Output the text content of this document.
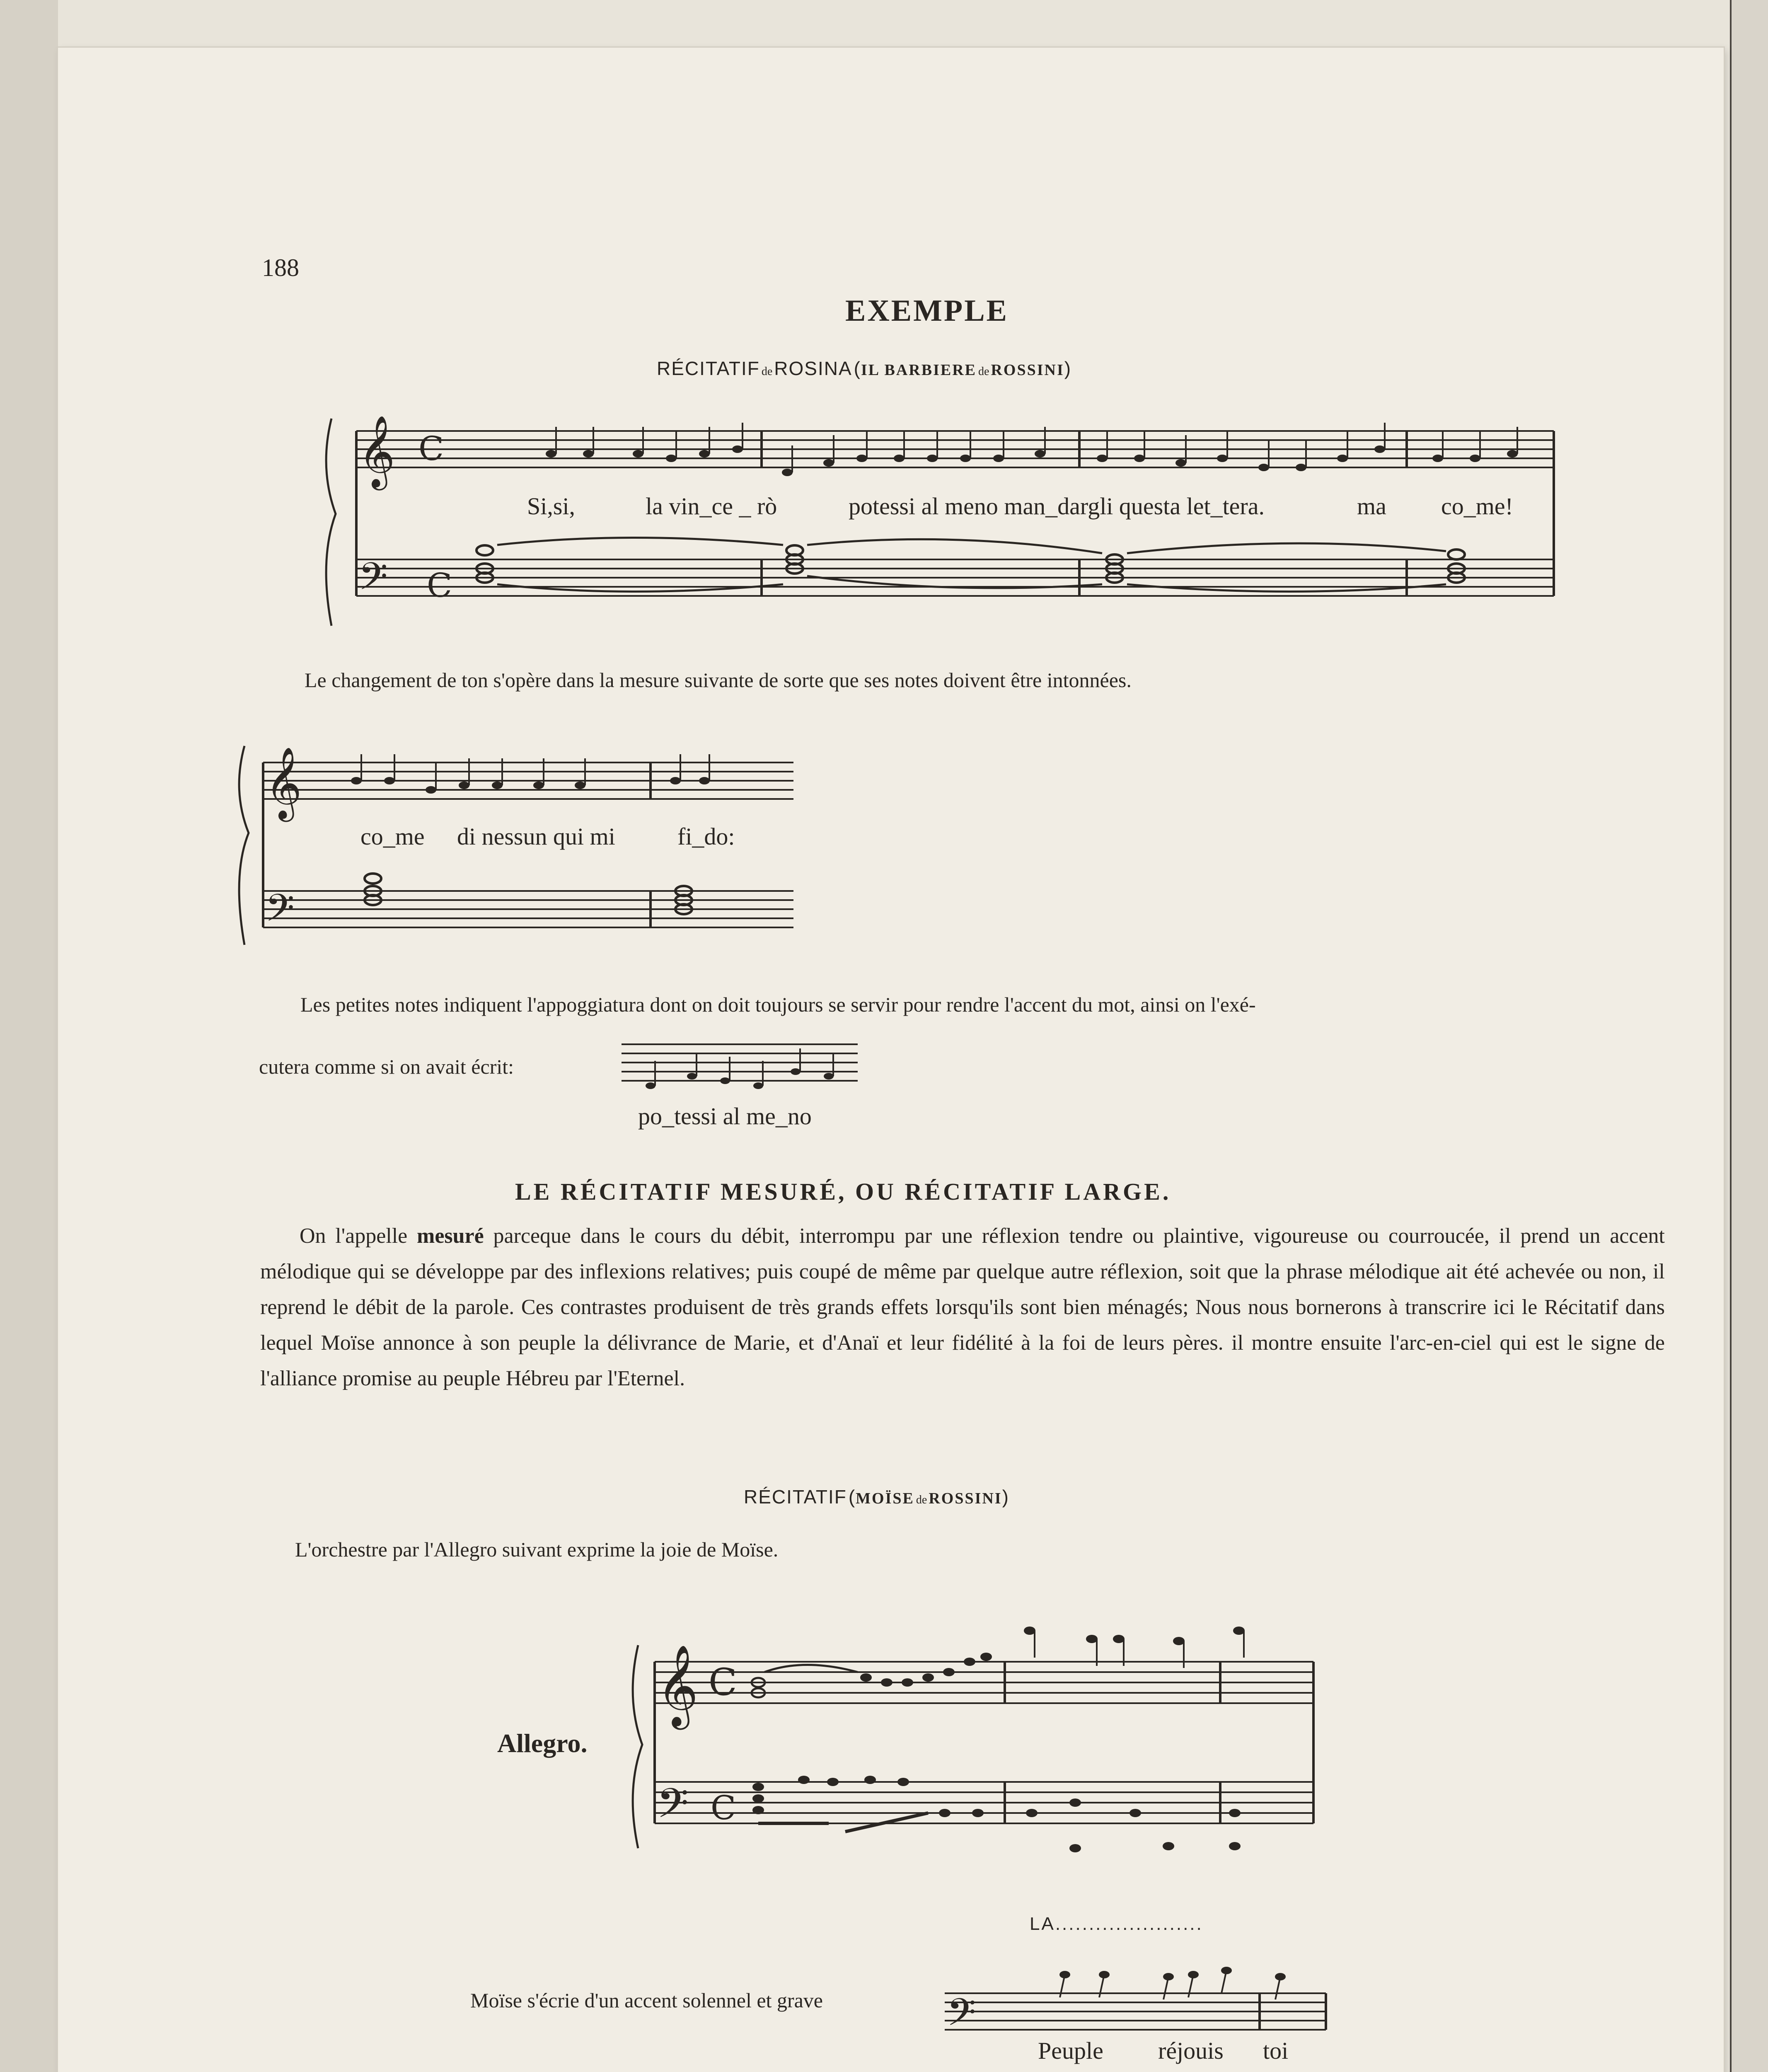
188
EXEMPLE
RÉCITATIF de ROSINA (IL BARBIERE de ROSSINI)
𝄞 C
𝄢 C
Si,si,	la vin_ce _ rò	potessi al meno man_dargli questa let_tera.	ma co_me!
Le changement de ton s'opère dans la mesure suivante de sorte que ses notes doivent être intonnées.
𝄞
𝄢
co_me di nessun qui mi	fi_do:
Les petites notes indiquent l'appoggiatura dont on doit toujours se servir pour rendre l'accent du mot, ainsi on l'exé-
cutera comme si on avait écrit:
po_tessi al me_no
LE RÉCITATIF MESURÉ, OU RÉCITATIF LARGE.
On l'appelle mesuré parceque dans le cours du débit, interrompu par une réflexion tendre ou plaintive, vigoureuse ou courroucée, il prend un accent mélodique qui se développe par des inflexions relatives; puis coupé de même par quelque autre réflexion, soit que la phrase mélodique ait été achevée ou non, il reprend le débit de la parole. Ces contrastes produisent de très grands effets lorsqu'ils sont bien ménagés; Nous nous bornerons à transcrire ici le Récitatif dans lequel Moïse annonce à son peuple la délivrance de Marie, et d'Anaï et leur fidélité à la foi de leurs pères. il montre ensuite l'arc-en-ciel qui est le signe de l'alliance promise au peuple Hébreu par l'Eternel.
RÉCITATIF (MOÏSE de ROSSINI)
L'orchestre par l'Allegro suivant exprime la joie de Moïse.
Allegro.
𝄞 C
𝄢 C
LA......................
Moïse s'écrie d'un accent solennel et grave	𝄢
Peuple réjouis toi
